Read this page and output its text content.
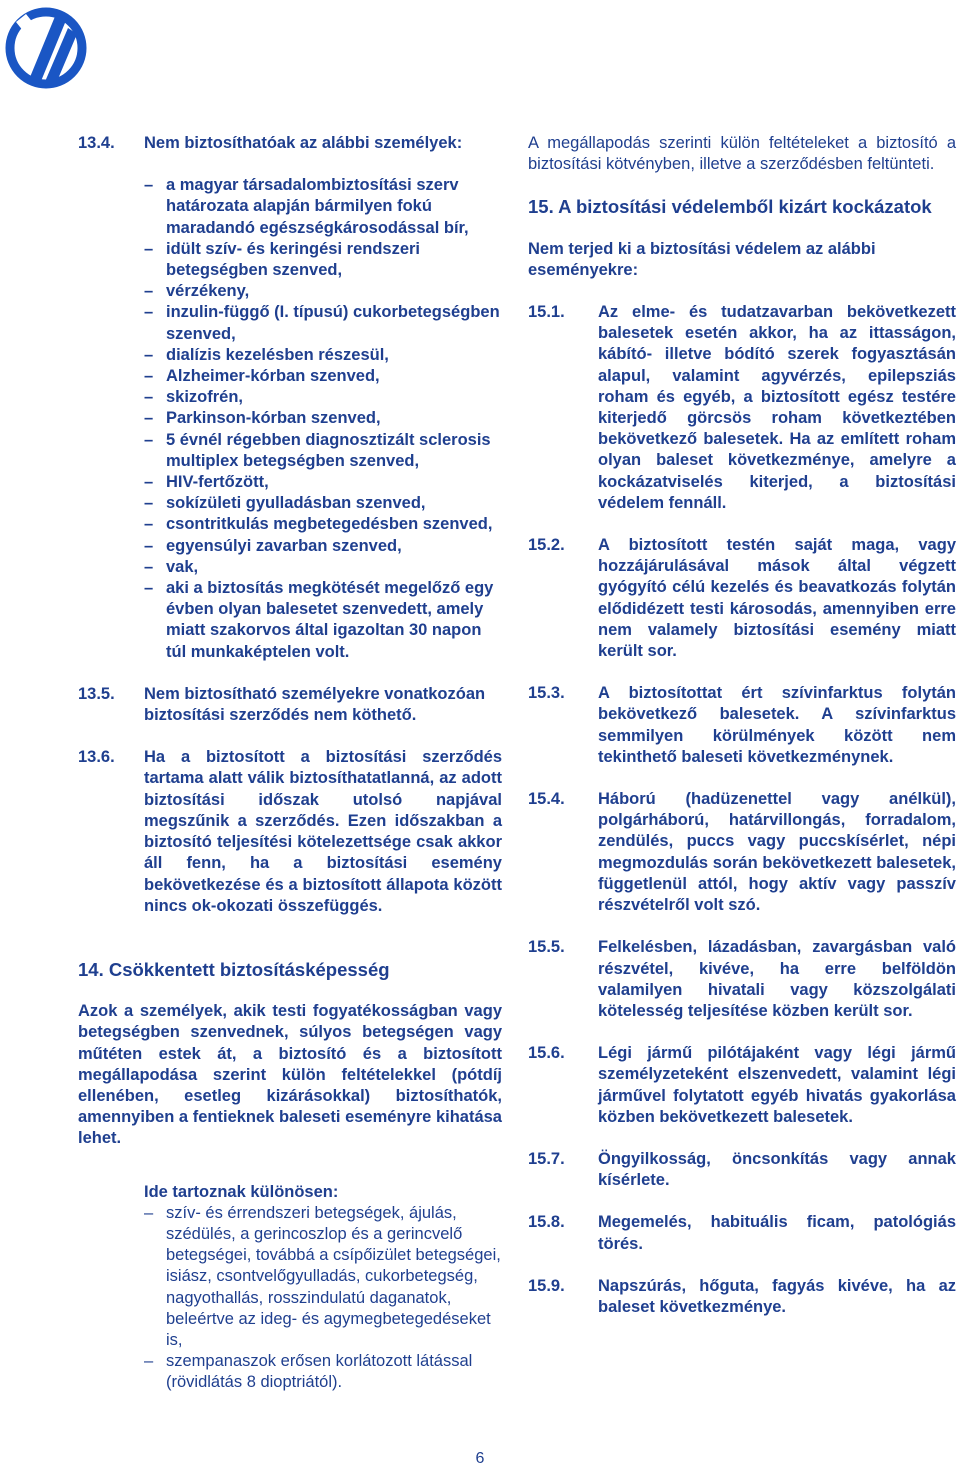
13.4. Nem biztosíthatóak az alábbi személyek:
– a magyar társadalombiztosítási szerv határozata alapján bármilyen fokú maradandó egészségkárosodással bír,
– idült szív- és keringési rendszeri betegségben szenved,
– vérzékeny,
– inzulin-függő (I. típusú) cukorbetegségben szenved,
– dialízis kezelésben részesül,
– Alzheimer-kórban szenved,
– skizofrén,
– Parkinson-kórban szenved,
– 5 évnél régebben diagnosztizált sclerosis multiplex betegségben szenved,
– HIV-fertőzött,
– sokízületi gyulladásban szenved,
– csontritkulás megbetegedésben szenved,
– egyensúlyi zavarban szenved,
– vak,
– aki a biztosítás megkötését megelőző egy évben olyan balesetet szenvedett, amely miatt szakorvos által igazoltan 30 napon túl munkaképtelen volt.
13.5. Nem biztosítható személyekre vonatkozóan biztosítási szerződés nem köthető.
13.6. Ha a biztosított a biztosítási szerződés tartama alatt válik biztosíthatatlanná, az adott biztosítási időszak utolsó napjával megszűnik a szerződés. Ezen időszakban a biztosító teljesítési kötelezettsége csak akkor áll fenn, ha a biztosítási esemény bekövetkezése és a biztosított állapota között nincs ok-okozati összefüggés.
14. Csökkentett biztosításképesség
Azok a személyek, akik testi fogyatékosságban vagy betegségben szenvednek, súlyos betegségen vagy műtéten estek át, a biztosító és a biztosított megállapodása szerint külön feltételekkel (pótdíj ellenében, esetleg kizárásokkal) biztosíthatók, amennyiben a fentieknek baleseti eseményre kihatása lehet.
Ide tartoznak különösen:
– szív- és érrendszeri betegségek, ájulás, szédülés, a gerincoszlop és a gerincvelő betegségei, továbbá a csípőizület betegségei, isiász, csontvelőgyulladás, cukorbetegség, nagyothallás, rosszindulatú daganatok, beleértve az ideg- és agymegbetegedéseket is,
– szempanaszok erősen korlátozott látással (rövidlátás 8 dioptriától).
A megállapodás szerinti külön feltételeket a biztosító a biztosítási kötvényben, illetve a szerződésben feltünteti.
15. A biztosítási védelemből kizárt kockázatok
Nem terjed ki a biztosítási védelem az alábbi eseményekre:
15.1. Az elme- és tudatzavarban bekövetkezett balesetek esetén akkor, ha az ittasságon, kábító- illetve bódító szerek fogyasztásán alapul, valamint agyvérzés, epilepsziás roham és egyéb, a biztosított egész testére kiterjedő görcsös roham következtében bekövetkező balesetek. Ha az említett roham olyan baleset következménye, amelyre a kockázatviselés kiterjed, a biztosítási védelem fennáll.
15.2. A biztosított testén saját maga, vagy hozzájárulásával mások által végzett gyógyító célú kezelés és beavatkozás folytán elődidézett testi károsodás, amennyiben erre nem valamely biztosítási esemény miatt került sor.
15.3. A biztosítottat ért szívinfarktus folytán bekövetkező balesetek. A szívinfarktus semmilyen körülmények között nem tekinthető baleseti következménynek.
15.4. Háború (hadüzenettel vagy anélkül), polgárháború, határvillongás, forradalom, zendülés, puccs vagy puccskísérlet, népi megmozdulás során bekövetkezett balesetek, függetlenül attól, hogy aktív vagy passzív részvételről volt szó.
15.5. Felkelésben, lázadásban, zavargásban való részvétel, kivéve, ha erre belföldön valamilyen hivatali vagy közszolgálati kötelesség teljesítése közben került sor.
15.6. Légi jármű pilótájaként vagy légi jármű személyzeteként elszenvedett, valamint légi járművel folytatott egyéb hivatás gyakorlása közben bekövetkezett balesetek.
15.7. Öngyilkosság, öncsonkítás vagy annak kísérlete.
15.8. Megemelés, habituális ficam, patológiás törés.
15.9. Napszúrás, hőguta, fagyás kivéve, ha az baleset következménye.
6
